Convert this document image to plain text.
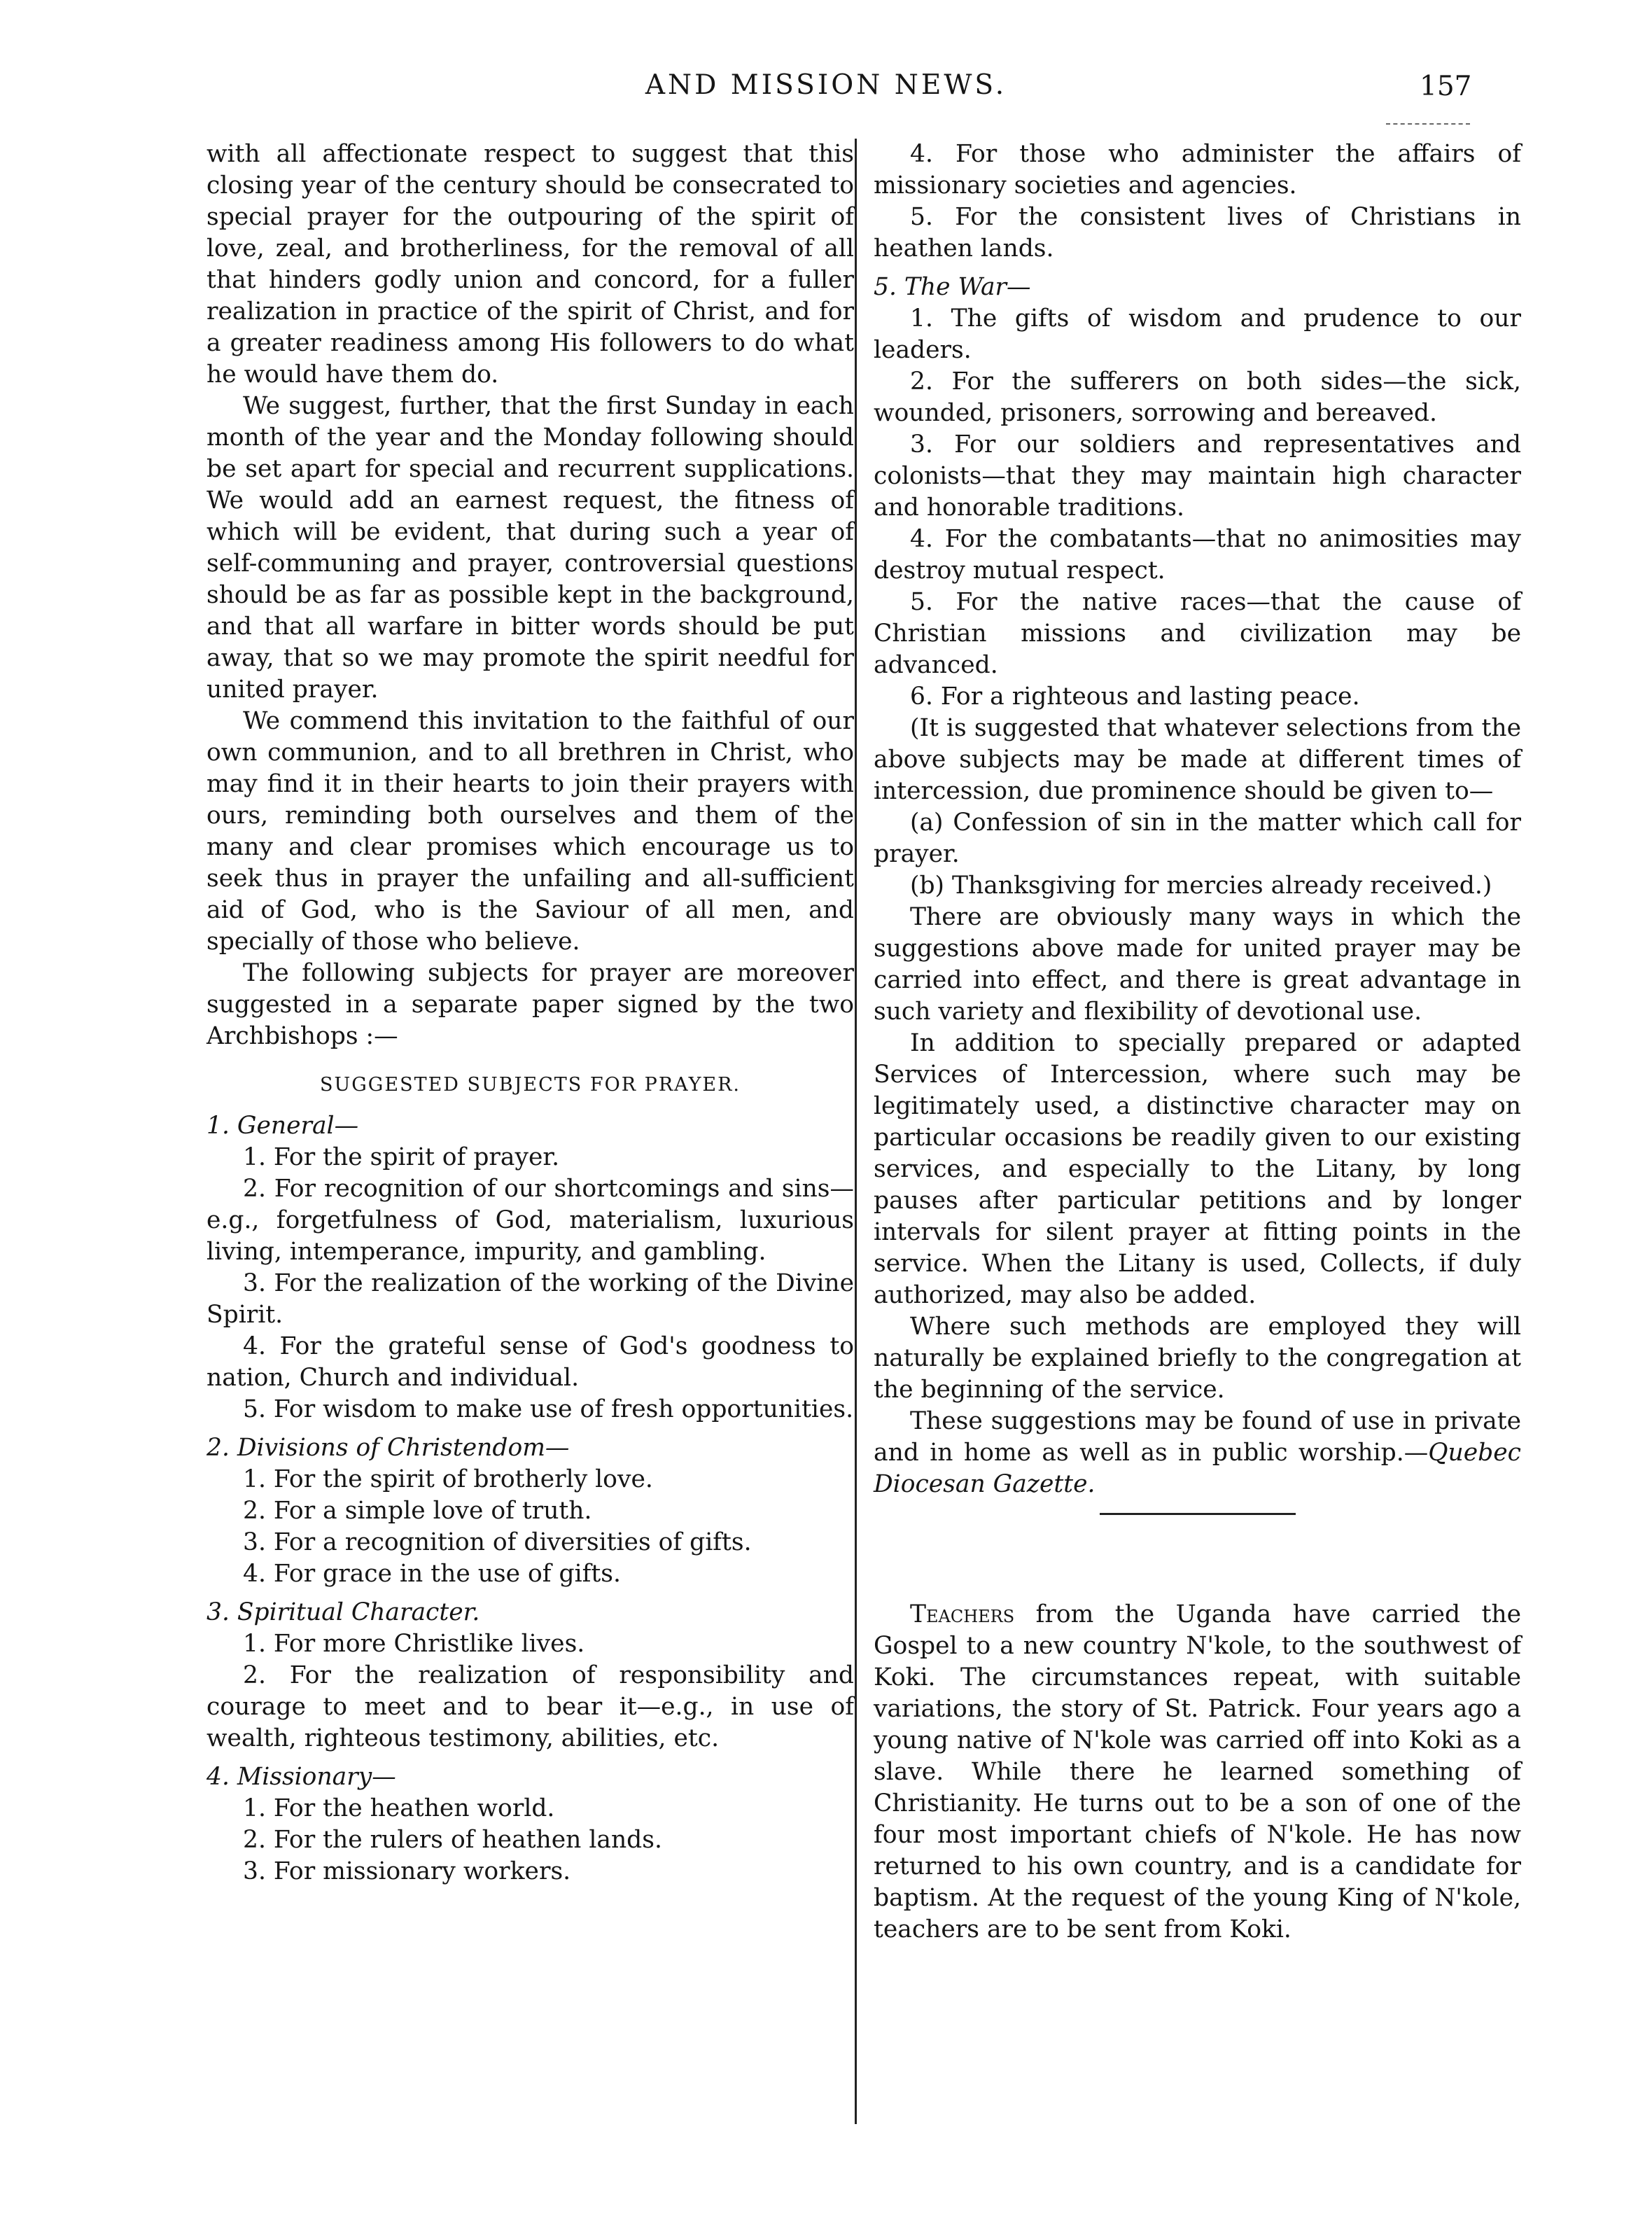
AND MISSION NEWS.	157

with all affectionate respect to suggest that this closing year of the century should be consecrated to special prayer for the outpouring of the spirit of love, zeal, and brotherliness, for the removal of all that hinders godly union and concord, for a fuller realization in practice of the spirit of Christ, and for a greater readiness among His followers to do what he would have them do.

We suggest, further, that the first Sunday in each month of the year and the Monday following should be set apart for special and recurrent supplications. We would add an earnest request, the fitness of which will be evident, that during such a year of self-communing and prayer, controversial questions should be as far as possible kept in the background, and that all warfare in bitter words should be put away, that so we may promote the spirit needful for united prayer.

We commend this invitation to the faithful of our own communion, and to all brethren in Christ, who may find it in their hearts to join their prayers with ours, reminding both ourselves and them of the many and clear promises which encourage us to seek thus in prayer the unfailing and all-sufficient aid of God, who is the Saviour of all men, and specially of those who believe.

The following subjects for prayer are moreover suggested in a separate paper signed by the two Archbishops :—

SUGGESTED SUBJECTS FOR PRAYER.

1. General—

1. For the spirit of prayer.

2. For recognition of our shortcomings and sins—e.g., forgetfulness of God, materialism, luxurious living, intemperance, impurity, and gambling.

3. For the realization of the working of the Divine Spirit.

4. For the grateful sense of God's goodness to nation, Church and individual.

5. For wisdom to make use of fresh opportunities.

2. Divisions of Christendom—

1. For the spirit of brotherly love.

2. For a simple love of truth.

3. For a recognition of diversities of gifts.

4. For grace in the use of gifts.

3. Spiritual Character.

1. For more Christlike lives.

2. For the realization of responsibility and courage to meet and to bear it—e.g., in use of wealth, righteous testimony, abilities, etc.

4. Missionary—

1. For the heathen world.

2. For the rulers of heathen lands.

3. For missionary workers.

4. For those who administer the affairs of missionary societies and agencies.

5. For the consistent lives of Christians in heathen lands.

5. The War—

1. The gifts of wisdom and prudence to our leaders.

2. For the sufferers on both sides—the sick, wounded, prisoners, sorrowing and bereaved.

3. For our soldiers and representatives and colonists—that they may maintain high character and honorable traditions.

4. For the combatants—that no animosities may destroy mutual respect.

5. For the native races—that the cause of Christian missions and civilization may be advanced.

6. For a righteous and lasting peace.

(It is suggested that whatever selections from the above subjects may be made at different times of intercession, due prominence should be given to—

(a) Confession of sin in the matter which call for prayer.

(b) Thanksgiving for mercies already received.)

There are obviously many ways in which the suggestions above made for united prayer may be carried into effect, and there is great advantage in such variety and flexibility of devotional use.

In addition to specially prepared or adapted Services of Intercession, where such may be legitimately used, a distinctive character may on particular occasions be readily given to our existing services, and especially to the Litany, by long pauses after particular petitions and by longer intervals for silent prayer at fitting points in the service. When the Litany is used, Collects, if duly authorized, may also be added.

Where such methods are employed they will naturally be explained briefly to the congregation at the beginning of the service.

These suggestions may be found of use in private and in home as well as in public worship.—Quebec Diocesan Gazette.

Teachers from the Uganda have carried the Gospel to a new country N'kole, to the southwest of Koki. The circumstances repeat, with suitable variations, the story of St. Patrick. Four years ago a young native of N'kole was carried off into Koki as a slave. While there he learned something of Christianity. He turns out to be a son of one of the four most important chiefs of N'kole. He has now returned to his own country, and is a candidate for baptism. At the request of the young King of N'kole, teachers are to be sent from Koki.
